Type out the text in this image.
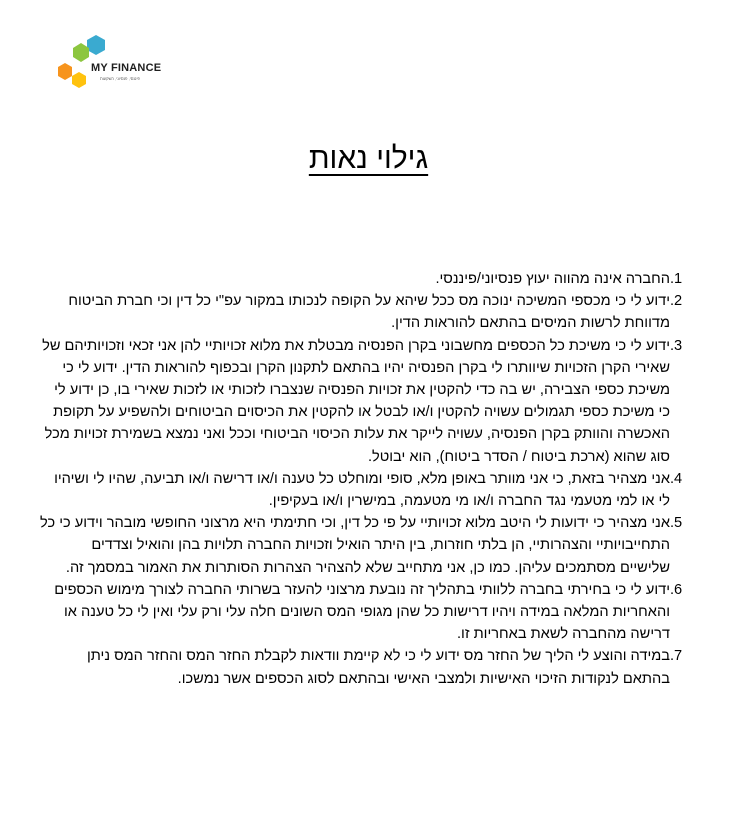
MY FINANCE
פיננסי, פנסיוני, השקעות
גילוי נאות
.1
החברה אינה מהווה יעוץ פנסיוני/פיננסי.
.2
ידוע לי כי מכספי המשיכה ינוכה מס ככל שיהא על הקופה לנכותו במקור עפ"י כל דין וכי חברת הביטוח מדווחת לרשות המיסים בהתאם להוראות הדין.
.3
ידוע לי כי משיכת כל הכספים מחשבוני בקרן הפנסיה מבטלת את מלוא זכויותיי להן אני זכאי וזכויותיהם של שאירי הקרן הזכויות שיוותרו לי בקרן הפנסיה יהיו בהתאם לתקנון הקרן ובכפוף להוראות הדין. ידוע לי כי משיכת כספי הצבירה, יש בה כדי להקטין את זכויות הפנסיה שנצברו לזכותי או לזכות שאירי בו, כן ידוע לי כי משיכת כספי תגמולים עשויה להקטין ו/או לבטל או להקטין את הכיסוים הביטוחים ולהשפיע על תקופת האכשרה והוותק בקרן הפנסיה, עשויה לייקר את עלות הכיסוי הביטוחי וככל ואני נמצא בשמירת זכויות מכל סוג שהוא (ארכת ביטוח / הסדר ביטוח), הוא יבוטל.
.4
אני מצהיר בזאת, כי אני מוותר באופן מלא, סופי ומוחלט כל טענה ו/או דרישה ו/או תביעה, שהיו לי ושיהיו לי או למי מטעמי נגד החברה ו/או מי מטעמה, במישרין ו/או בעקיפין.
.5
אני מצהיר כי ידועות לי היטב מלוא זכויותיי על פי כל דין, וכי חתימתי היא מרצוני החופשי מובהר וידוע כי כל התחייבויותיי והצהרותיי, הן בלתי חוזרות, בין היתר הואיל וזכויות החברה תלויות בהן והואיל וצדדים שלישיים מסתמכים עליהן. כמו כן, אני מתחייב שלא להצהיר הצהרות הסותרות את האמור במסמך זה.
.6
ידוע לי כי בחירתי בחברה ללוותי בתהליך זה נובעת מרצוני להעזר בשרותי החברה לצורך מימוש הכספים והאחריות המלאה במידה ויהיו דרישות כל שהן מגופי המס השונים חלה עלי ורק עלי ואין לי כל טענה או דרישה מהחברה לשאת באחריות זו.
.7
במידה והוצע לי הליך של החזר מס ידוע לי כי לא קיימת וודאות לקבלת החזר המס והחזר המס ניתן בהתאם לנקודות הזיכוי האישיות ולמצבי האישי ובהתאם לסוג הכספים אשר נמשכו.
